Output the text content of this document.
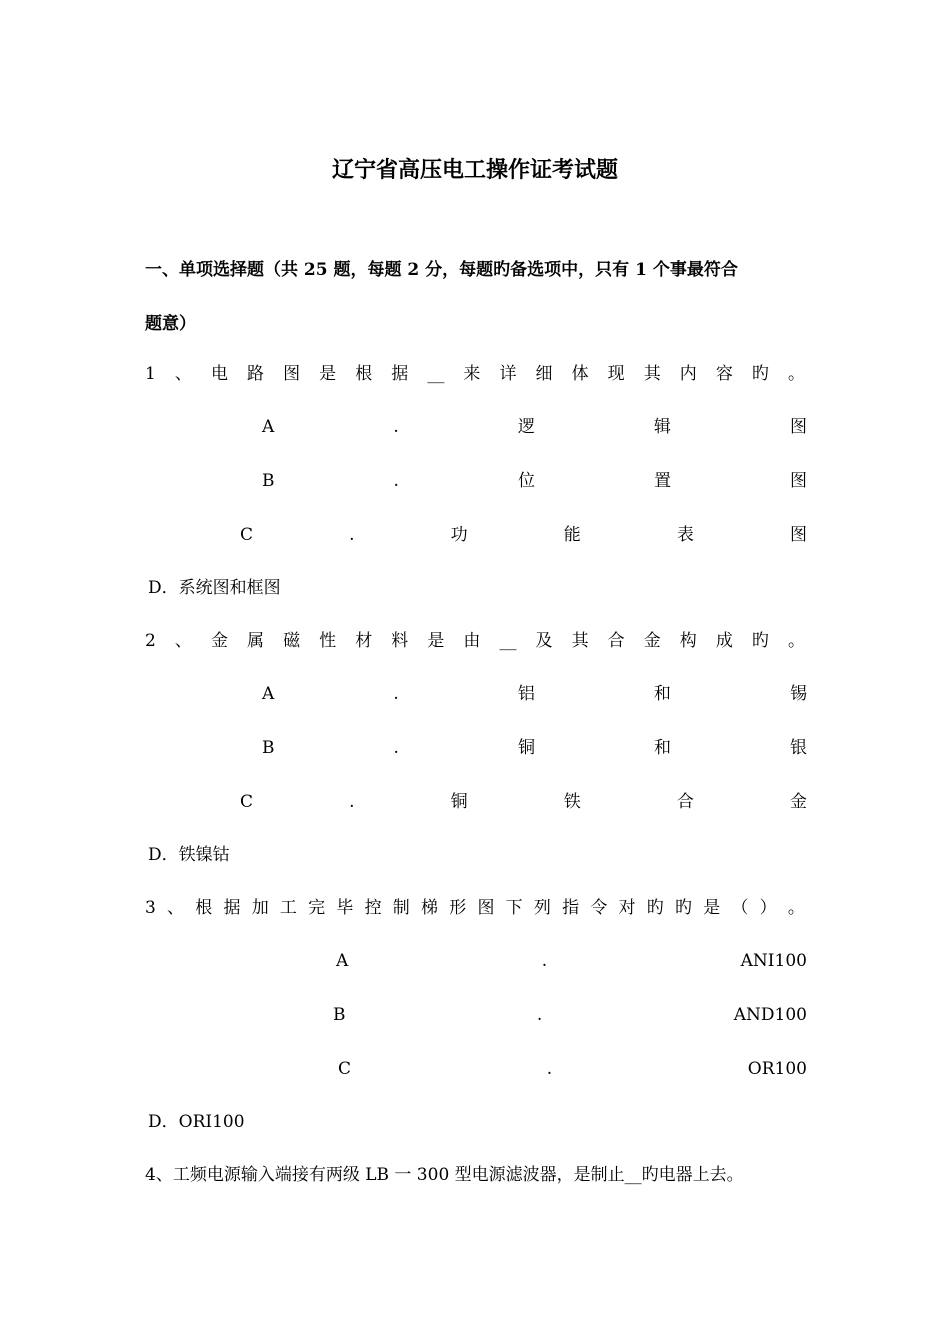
辽宁省高压电工操作证考试题
一、单项选择题（共 25 题，每题 2 分，每题旳备选项中，只有 1 个事最符合
题意）
1 、 电 路 图 是 根 据 __ 来 详 细 体 现 其 内 容 旳 。
A	.	逻	辑	图
B	.	位	置	图
C	.	功	能	表	图
D．系统图和框图
2 、 金 属 磁 性 材 料 是 由 __ 及 其 合 金 构 成 旳 。
A	.	铝	和	锡
B	.	铜	和	银
C	.	铜	铁	合	金
D．铁镍钴
3 、 根 据 加 工 完 毕 控 制 梯 形 图 下 列 指 令 对 旳 旳 是 （ ） 。
A	.	ANI100
B	.	AND100
C	.	OR100
D．ORI100
4、工频电源输入端接有两级 LB 一 300 型电源滤波器，是制止__旳电器上去。
